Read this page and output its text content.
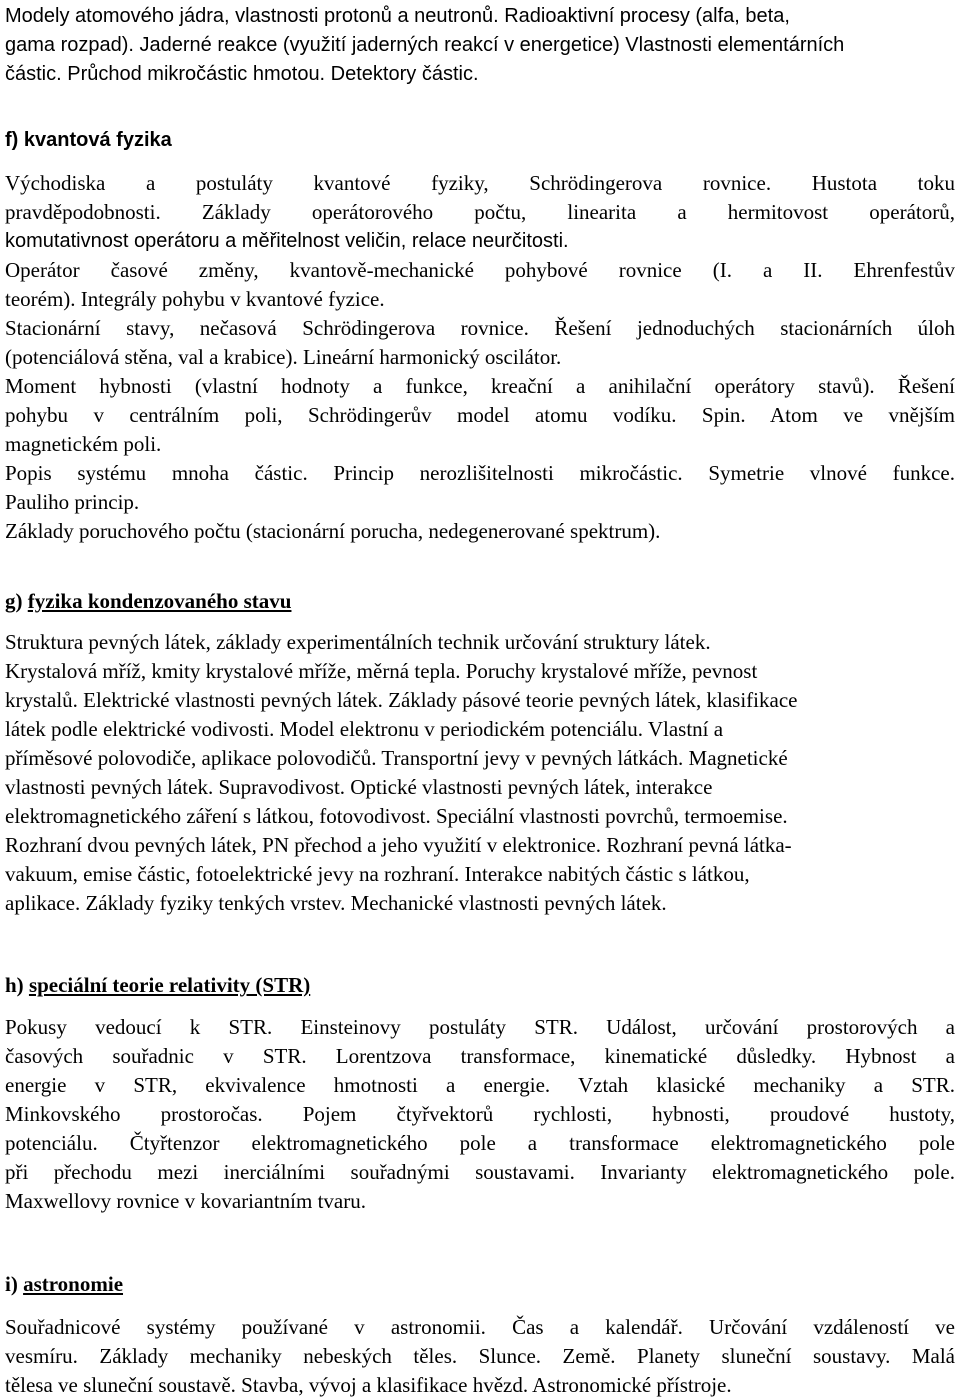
Modely atomového jádra, vlastnosti protonů a neutronů. Radioaktivní procesy (alfa, beta,

gama rozpad). Jaderné reakce (využití jaderných reakcí v energetice) Vlastnosti elementárních

částic. Průchod mikročástic hmotou. Detektory částic.

f) kvantová fyzika

Východiska a postuláty kvantové fyziky, Schrödingerova rovnice. Hustota toku

pravděpodobnosti. Základy operátorového počtu, linearita a hermitovost operátorů,

komutativnost operátoru a měřitelnost veličin, relace neurčitosti.

Operátor časové změny, kvantově-mechanické pohybové rovnice (I. a II. Ehrenfestův

teorém). Integrály pohybu v kvantové fyzice.

Stacionární stavy, nečasová Schrödingerova rovnice. Řešení jednoduchých stacionárních úloh

(potenciálová stěna, val a krabice). Lineární harmonický oscilátor.

Moment hybnosti (vlastní hodnoty a funkce, kreační a anihilační operátory stavů). Řešení

pohybu v centrálním poli, Schrödingerův model atomu vodíku. Spin. Atom ve vnějším

magnetickém poli.

Popis systému mnoha částic. Princip nerozlišitelnosti mikročástic. Symetrie vlnové funkce.

Pauliho princip.

Základy poruchového počtu (stacionární porucha, nedegenerované spektrum).

g) fyzika kondenzovaného stavu

Struktura pevných látek, základy experimentálních technik určování struktury látek.

Krystalová mříž, kmity krystalové mříže, měrná tepla. Poruchy krystalové mříže, pevnost

krystalů. Elektrické vlastnosti pevných látek. Základy pásové teorie pevných látek, klasifikace

látek podle elektrické vodivosti. Model elektronu v periodickém potenciálu. Vlastní a

příměsové polovodiče, aplikace polovodičů. Transportní jevy v pevných látkách. Magnetické

vlastnosti pevných látek. Supravodivost. Optické vlastnosti pevných látek, interakce

elektromagnetického záření s látkou, fotovodivost. Speciální vlastnosti povrchů, termoemise.

Rozhraní dvou pevných látek, PN přechod a jeho využití v elektronice. Rozhraní pevná látka-

vakuum, emise částic, fotoelektrické jevy na rozhraní. Interakce nabitých částic s látkou,

aplikace. Základy fyziky tenkých vrstev. Mechanické vlastnosti pevných látek.

h) speciální teorie relativity (STR)

Pokusy vedoucí k STR. Einsteinovy postuláty STR. Událost, určování prostorových a

časových souřadnic v STR. Lorentzova transformace, kinematické důsledky. Hybnost a

energie v STR, ekvivalence hmotnosti a energie. Vztah klasické mechaniky a STR.

Minkovského prostoročas. Pojem čtyřvektorů rychlosti, hybnosti, proudové hustoty,

potenciálu. Čtyřtenzor elektromagnetického pole a transformace elektromagnetického pole

při přechodu mezi inerciálními souřadnými soustavami. Invarianty elektromagnetického pole.

Maxwellovy rovnice v kovariantním tvaru.

i) astronomie

Souřadnicové systémy používané v astronomii. Čas a kalendář. Určování vzdáleností ve

vesmíru. Základy mechaniky nebeských těles. Slunce. Země. Planety sluneční soustavy. Malá

tělesa ve sluneční soustavě. Stavba, vývoj a klasifikace hvězd. Astronomické přístroje.
